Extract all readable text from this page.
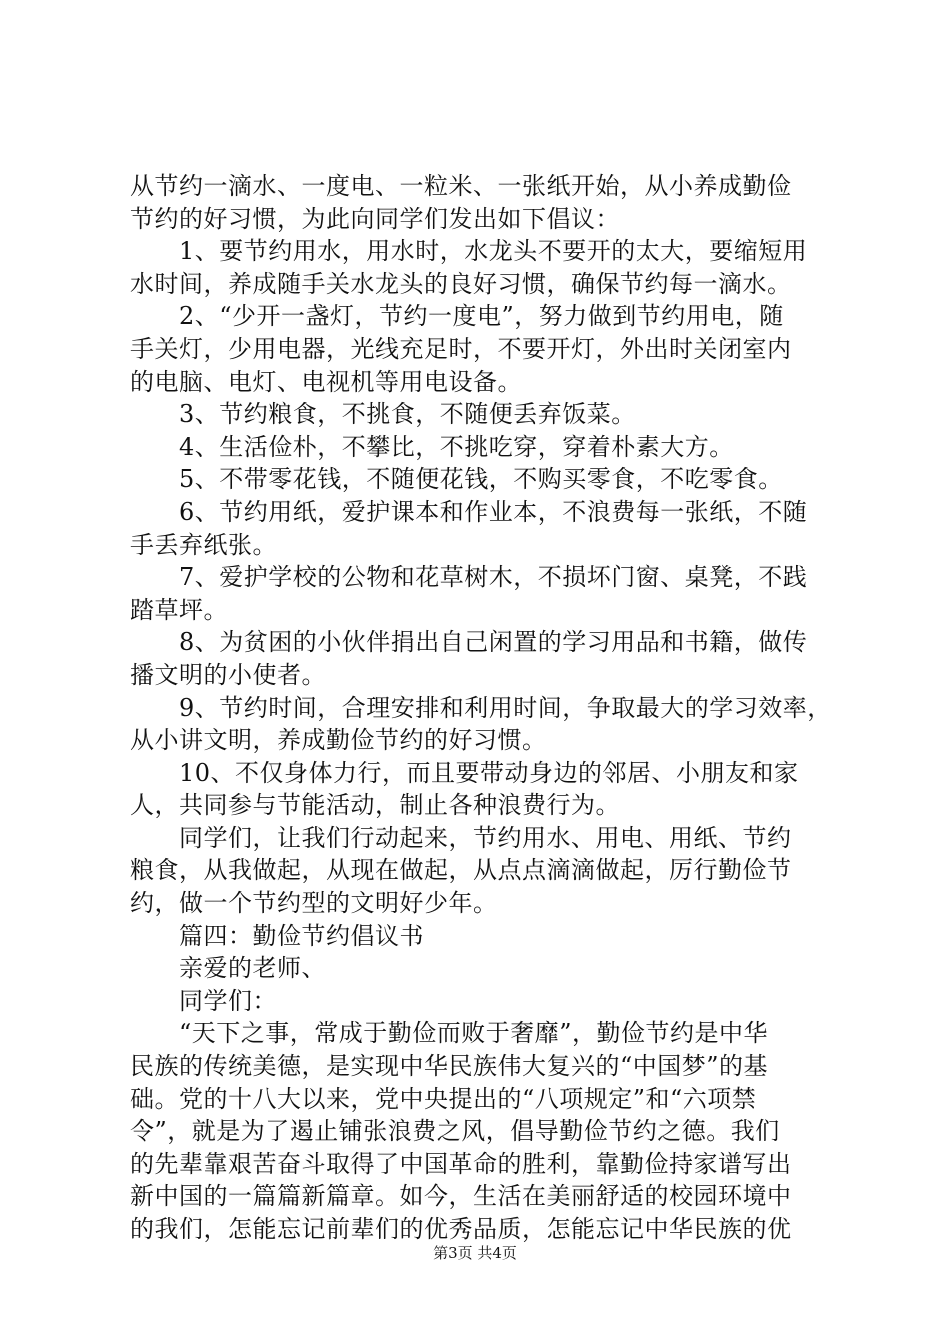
从节约一滴水、一度电、一粒米、一张纸开始，从小养成勤俭
节约的好习惯，为此向同学们发出如下倡议：
　　1、要节约用水，用水时，水龙头不要开的太大，要缩短用
水时间，养成随手关水龙头的良好习惯，确保节约每一滴水。
　　2、“少开一盏灯，节约一度电”，努力做到节约用电，随
手关灯，少用电器，光线充足时，不要开灯，外出时关闭室内
的电脑、电灯、电视机等用电设备。
　　3、节约粮食，不挑食，不随便丢弃饭菜。
　　4、生活俭朴，不攀比，不挑吃穿，穿着朴素大方。
　　5、不带零花钱，不随便花钱，不购买零食，不吃零食。
　　6、节约用纸，爱护课本和作业本，不浪费每一张纸，不随
手丢弃纸张。
　　7、爱护学校的公物和花草树木，不损坏门窗、桌凳，不践
踏草坪。
　　8、为贫困的小伙伴捐出自己闲置的学习用品和书籍，做传
播文明的小使者。
　　9、节约时间，合理安排和利用时间，争取最大的学习效率，
从小讲文明，养成勤俭节约的好习惯。
　　10、不仅身体力行，而且要带动身边的邻居、小朋友和家
人，共同参与节能活动，制止各种浪费行为。
　　同学们，让我们行动起来，节约用水、用电、用纸、节约
粮食，从我做起，从现在做起，从点点滴滴做起，厉行勤俭节
约，做一个节约型的文明好少年。
　　篇四：勤俭节约倡议书
　　亲爱的老师、
　　同学们：
　　“天下之事，常成于勤俭而败于奢靡”，勤俭节约是中华
民族的传统美德，是实现中华民族伟大复兴的“中国梦”的基
础。党的十八大以来，党中央提出的“八项规定”和“六项禁
令”，就是为了遏止铺张浪费之风，倡导勤俭节约之德。我们
的先辈靠艰苦奋斗取得了中国革命的胜利，靠勤俭持家谱写出
新中国的一篇篇新篇章。如今，生活在美丽舒适的校园环境中
的我们，怎能忘记前辈们的优秀品质，怎能忘记中华民族的优
第3页 共4页
